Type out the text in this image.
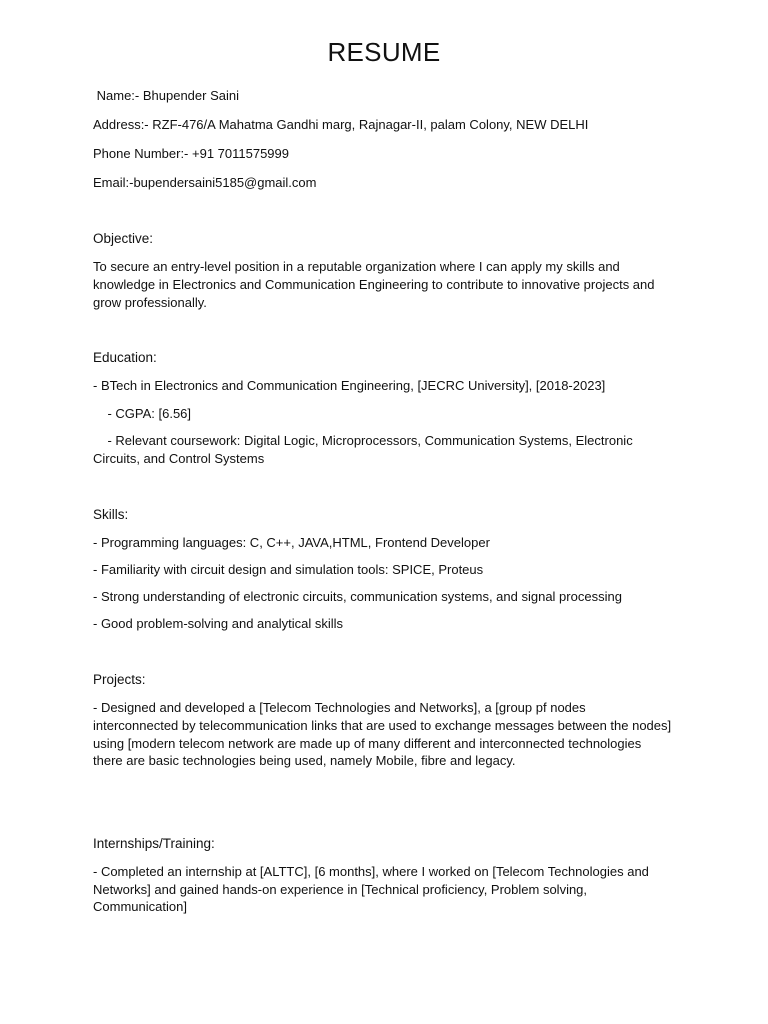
RESUME
Name:- Bhupender Saini
Address:- RZF-476/A Mahatma Gandhi marg, Rajnagar-II, palam Colony, NEW DELHI
Phone Number:- +91 7011575999
Email:-bupendersaini5185@gmail.com
Objective:
To secure an entry-level position in a reputable organization where I can apply my skills and
knowledge in Electronics and Communication Engineering to contribute to innovative projects and
grow professionally.
Education:
- BTech in Electronics and Communication Engineering, [JECRC University], [2018-2023]
- CGPA: [6.56]
- Relevant coursework: Digital Logic, Microprocessors, Communication Systems, Electronic
Circuits, and Control Systems
Skills:
- Programming languages: C, C++, JAVA,HTML, Frontend Developer
- Familiarity with circuit design and simulation tools: SPICE, Proteus
- Strong understanding of electronic circuits, communication systems, and signal processing
- Good problem-solving and analytical skills
Projects:
- Designed and developed a [Telecom Technologies and Networks], a [group pf nodes
interconnected by telecommunication links that are used to exchange messages between the nodes]
using [modern telecom network are made up of many different and interconnected technologies
there are basic technologies being used, namely Mobile, fibre and legacy.
Internships/Training:
- Completed an internship at [ALTTC], [6 months], where I worked on [Telecom Technologies and
Networks] and gained hands-on experience in [Technical proficiency, Problem solving,
Communication]
